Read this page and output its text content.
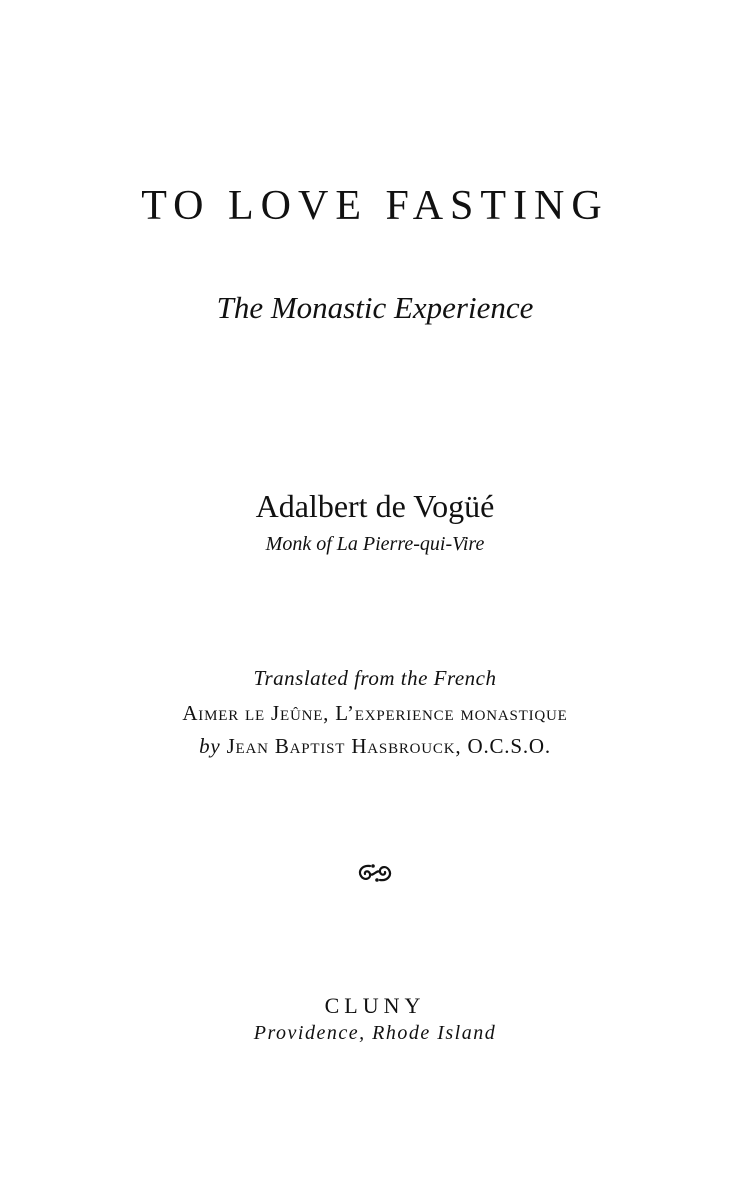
TO LOVE FASTING
The Monastic Experience
Adalbert de Vogüé
Monk of La Pierre-qui-Vire
Translated from the French
Aimer le Jeûne, L’experience monastique
by Jean Baptist Hasbrouck, O.C.S.O.
CLUNY
Providence, Rhode Island
